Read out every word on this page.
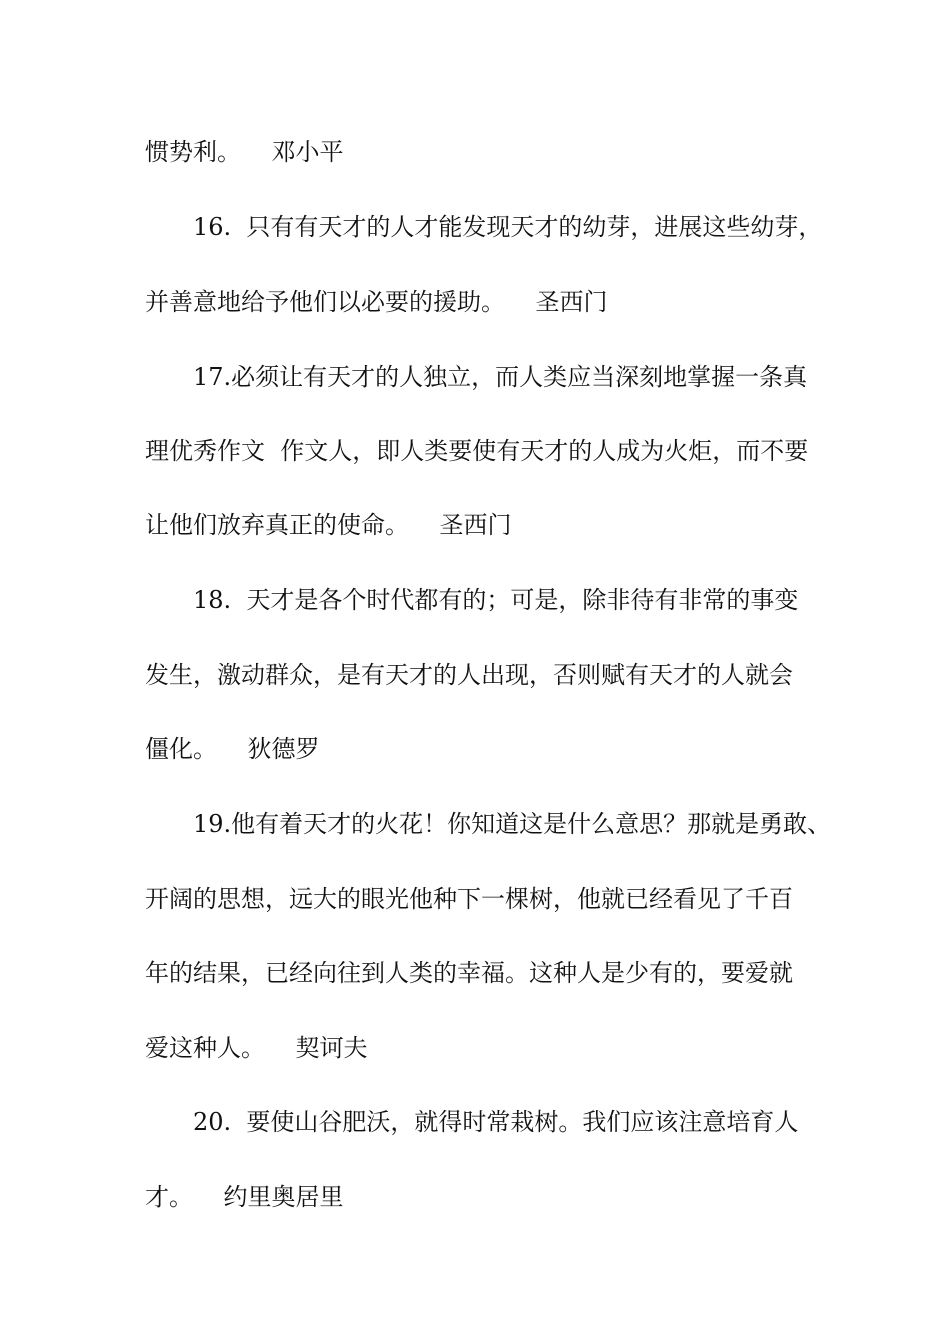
惯势利。    邓小平
16.  只有有天才的人才能发现天才的幼芽，进展这些幼芽，
并善意地给予他们以必要的援助。    圣西门
17.必须让有天才的人独立，而人类应当深刻地掌握一条真
理优秀作文  作文人，即人类要使有天才的人成为火炬，而不要
让他们放弃真正的使命。    圣西门
18.  天才是各个时代都有的；可是，除非待有非常的事变
发生，激动群众，是有天才的人出现，否则赋有天才的人就会
僵化。    狄德罗
19.他有着天才的火花！你知道这是什么意思？那就是勇敢、
开阔的思想，远大的眼光他种下一棵树，他就已经看见了千百
年的结果，已经向往到人类的幸福。这种人是少有的，要爱就
爱这种人。    契诃夫
20.  要使山谷肥沃，就得时常栽树。我们应该注意培育人
才。    约里奥居里
